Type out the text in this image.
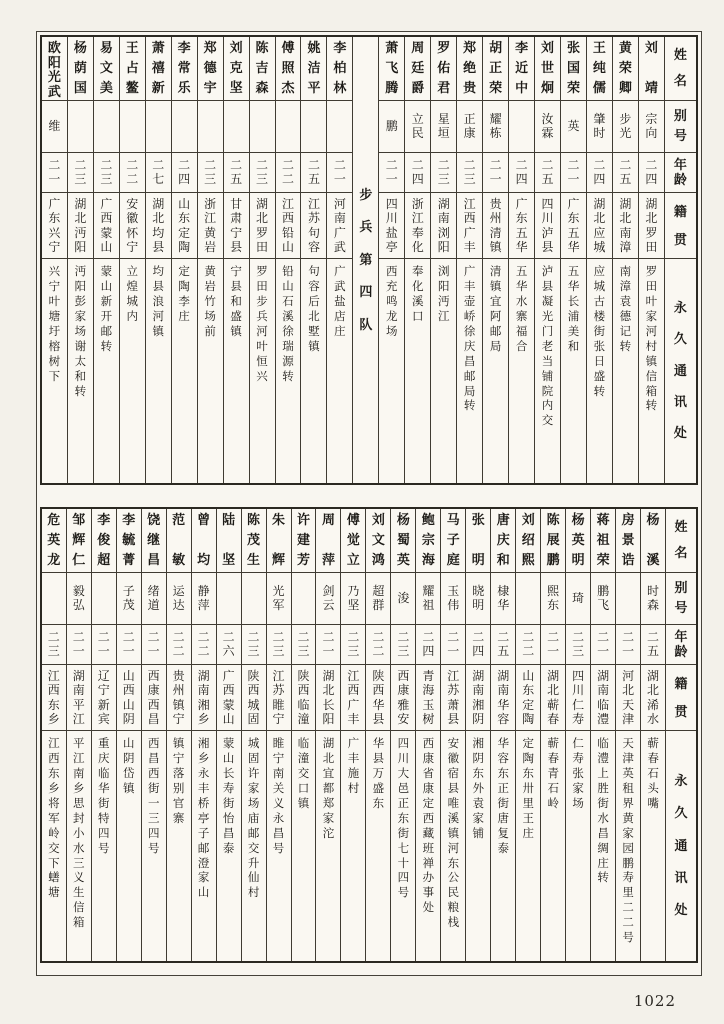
姓
名
别
号
年
龄
籍
贯
永
久
通
讯
处
刘
靖
宗
向
二
四
湖
北
罗
田
罗
田
叶
家
河
村
镇
信
箱
转
黄
荣
卿
步
光
二
五
湖
北
南
漳
南
漳
袁
德
记
转
王
纯
儒
肇
时
二
四
湖
北
应
城
应
城
古
楼
街
张
日
盛
转
张
国
荣
英
二
一
广
东
五
华
五
华
长
浦
美
和
刘
世
炯
汝
霖
二
五
四
川
泸
县
泸
县
凝
光
门
老
当
铺
院
内
交
李
近
中
二
四
广
东
五
华
五
华
水
寨
福
合
胡
正
荣
耀
栋
二
一
贵
州
清
镇
清
镇
宜
阿
邮
局
郑
绝
贵
正
康
二
三
江
西
广
丰
广
丰
壶
峤
徐
庆
昌
邮
局
转
罗
佑
君
星
垣
二
三
湖
南
浏
阳
浏
阳
沔
江
周
廷
爵
立
民
二
四
浙
江
奉
化
奉
化
溪
口
萧
飞
腾
鹏
二
一
四
川
盐
亭
西
充
鸣
龙
场
步
兵
第
四
队
李
柏
林
二
一
河
南
广
武
广
武
盐
店
庄
姚
洁
平
二
五
江
苏
句
容
句
容
后
北
墅
镇
傅
照
杰
二
二
江
西
铅
山
铅
山
石
溪
徐
瑞
源
转
陈
吉
森
二
三
湖
北
罗
田
罗
田
步
兵
河
叶
恒
兴
刘
克
坚
二
五
甘
肃
宁
县
宁
县
和
盛
镇
郑
德
宇
二
三
浙
江
黄
岩
黄
岩
竹
场
前
李
常
乐
二
四
山
东
定
陶
定
陶
李
庄
萧
禧
新
二
七
湖
北
均
县
均
县
浪
河
镇
王
占
鳌
二
二
安
徽
怀
宁
立
煌
城
内
易
文
美
二
三
广
西
蒙
山
蒙
山
新
开
邮
转
杨
荫
国
二
三
湖
北
沔
阳
沔
阳
彭
家
场
谢
太
和
转
欧
阳
光
武
维
二
一
广
东
兴
宁
兴
宁
叶
塘
圩
榕
树
下
姓
名
别
号
年
龄
籍
贯
永
久
通
讯
处
杨
溪
时
森
二
五
湖
北
浠
水
蕲
春
石
头
嘴
房
景
诰
二
一
河
北
天
津
天
津
英
租
界
黄
家
园
鹏
寿
里
二
二
号
蒋
祖
荣
鹏
飞
二
一
湖
南
临
澧
临
澧
上
胜
街
水
昌
绸
庄
转
杨
英
明
琦
二
三
四
川
仁
寿
仁
寿
张
家
场
陈
展
鹏
熙
东
二
一
湖
北
蕲
春
蕲
春
青
石
岭
刘
绍
熙
二
二
山
东
定
陶
定
陶
东
卅
里
王
庄
唐
庆
和
棣
华
二
五
湖
南
华
容
华
容
东
正
街
唐
复
泰
张
明
晓
明
二
四
湖
南
湘
阴
湘
阴
东
外
袁
家
铺
马
子
庭
玉
伟
二
一
江
苏
萧
县
安
徽
宿
县
唯
溪
镇
河
东
公
民
粮
栈
鲍
宗
海
耀
祖
二
四
青
海
玉
树
西
康
省
康
定
西
藏
班
禅
办
事
处
杨
蜀
英
浚
二
三
西
康
雅
安
四
川
大
邑
正
东
街
七
十
四
号
刘
文
鸿
超
群
二
二
陕
西
华
县
华
县
万
盛
东
傅
觉
立
乃
坚
二
三
江
西
广
丰
广
丰
施
村
周
萍
剑
云
二
一
湖
北
长
阳
湖
北
宜
都
郑
家
沱
许
建
芳
二
三
陕
西
临
潼
临
潼
交
口
镇
朱
辉
光
军
二
三
江
苏
睢
宁
睢
宁
南
关
义
永
昌
号
陈
茂
生
二
三
陕
西
城
固
城
固
许
家
场
庙
邮
交
升
仙
村
陆
坚
二
六
广
西
蒙
山
蒙
山
长
寿
街
怡
昌
泰
曾
均
静
萍
二
二
湖
南
湘
乡
湘
乡
永
丰
桥
亭
子
邮
澄
家
山
范
敏
运
达
二
二
贵
州
镇
宁
镇
宁
落
别
官
寨
饶
继
昌
绪
道
二
一
西
康
西
昌
西
昌
西
街
一
三
四
号
李
毓
菁
子
茂
二
一
山
西
山
阴
山
阴
岱
镇
李
俊
超
二
一
辽
宁
新
宾
重
庆
临
华
街
特
四
号
邹
辉
仁
毅
弘
二
一
湖
南
平
江
平
江
南
乡
思
封
小
水
三
义
生
信
箱
危
英
龙
二
三
江
西
东
乡
江
西
东
乡
将
军
岭
交
下
蟮
塘
1022
